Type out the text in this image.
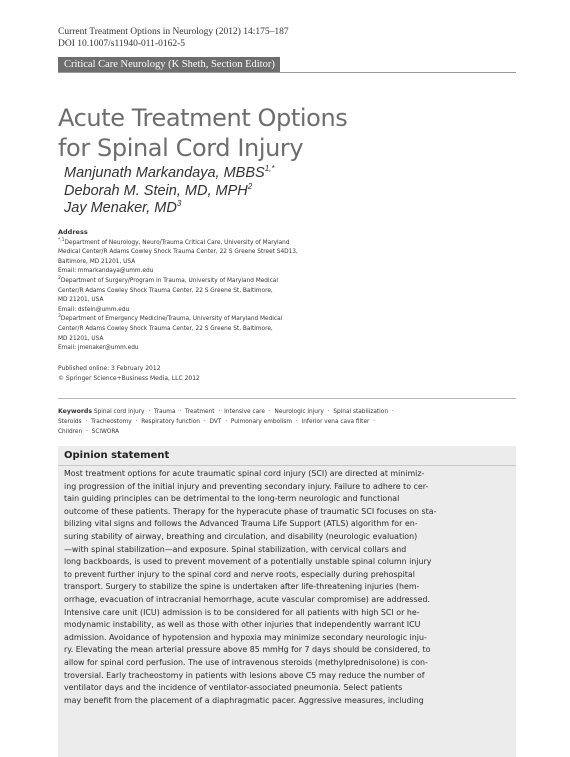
Current Treatment Options in Neurology (2012) 14:175–187
DOI 10.1007/s11940-011-0162-5
Critical Care Neurology (K Sheth, Section Editor)
Acute Treatment Options
for Spinal Cord Injury
Manjunath Markandaya, $MBBS^{1,*}$
Deborah M. Stein, MD, MPH$^2$
Jay Menaker, $MD^3$
Address

$^{*,1}$Department of Neurology, Neuro/Trauma Critical Care, University of Maryland

Medical Center/R Adams Cowley Shock Trauma Center, 22 S Greene Street S4D13,

Baltimore, MD 21201, USA

Email: mmarkandaya@umm.edu

$^2$Department of Surgery/Program in Trauma, University of Maryland Medical

Center/R Adams Cowley Shock Trauma Center, 22 S Greene St, Baltimore,

MD 21201, USA

Email: dstein@umm.edu

$^3$Department of Emergency Medicine/Trauma, University of Maryland Medical

Center/R Adams Cowley Shock Trauma Center, 22 S Greene St, Baltimore,

MD 21201, USA

Email: jmenaker@umm.edu

Published online: 3 February 2012
© Springer Science+Business Media, LLC 2012
Keywords Spinal cord injury · Trauma · Treatment · Intensive care · Neurologic injury · Spinal stabilization · Steroids · Tracheostomy · Respiratory function · DVT · Pulmonary embolism · Inferior vena cava filter · Children · SCIWORA
Opinion statement
Most treatment options for acute traumatic spinal cord injury (SCI) are directed at minimiz-
ing progression of the initial injury and preventing secondary injury. Failure to adhere to cer-
tain guiding principles can be detrimental to the long-term neurologic and functional
outcome of these patients. Therapy for the hyperacute phase of traumatic SCI focuses on sta-
bilizing vital signs and follows the Advanced Trauma Life Support (ATLS) algorithm for en-
suring stability of airway, breathing and circulation, and disability (neurologic evaluation)
—with spinal stabilization—and exposure. Spinal stabilization, with cervical collars and
long backboards, is used to prevent movement of a potentially unstable spinal column injury
to prevent further injury to the spinal cord and nerve roots, especially during prehospital
transport. Surgery to stabilize the spine is undertaken after life-threatening injuries (hem-
orrhage, evacuation of intracranial hemorrhage, acute vascular compromise) are addressed.
Intensive care unit (ICU) admission is to be considered for all patients with high SCI or he-
modynamic instability, as well as those with other injuries that independently warrant ICU
admission. Avoidance of hypotension and hypoxia may minimize secondary neurologic inju-
ry. Elevating the mean arterial pressure above 85 mmHg for 7 days should be considered, to
allow for spinal cord perfusion. The use of intravenous steroids (methylprednisolone) is con-
troversial. Early tracheostomy in patients with lesions above C5 may reduce the number of
ventilator days and the incidence of ventilator-associated pneumonia. Select patients
may benefit from the placement of a diaphragmatic pacer. Aggressive measures, including
